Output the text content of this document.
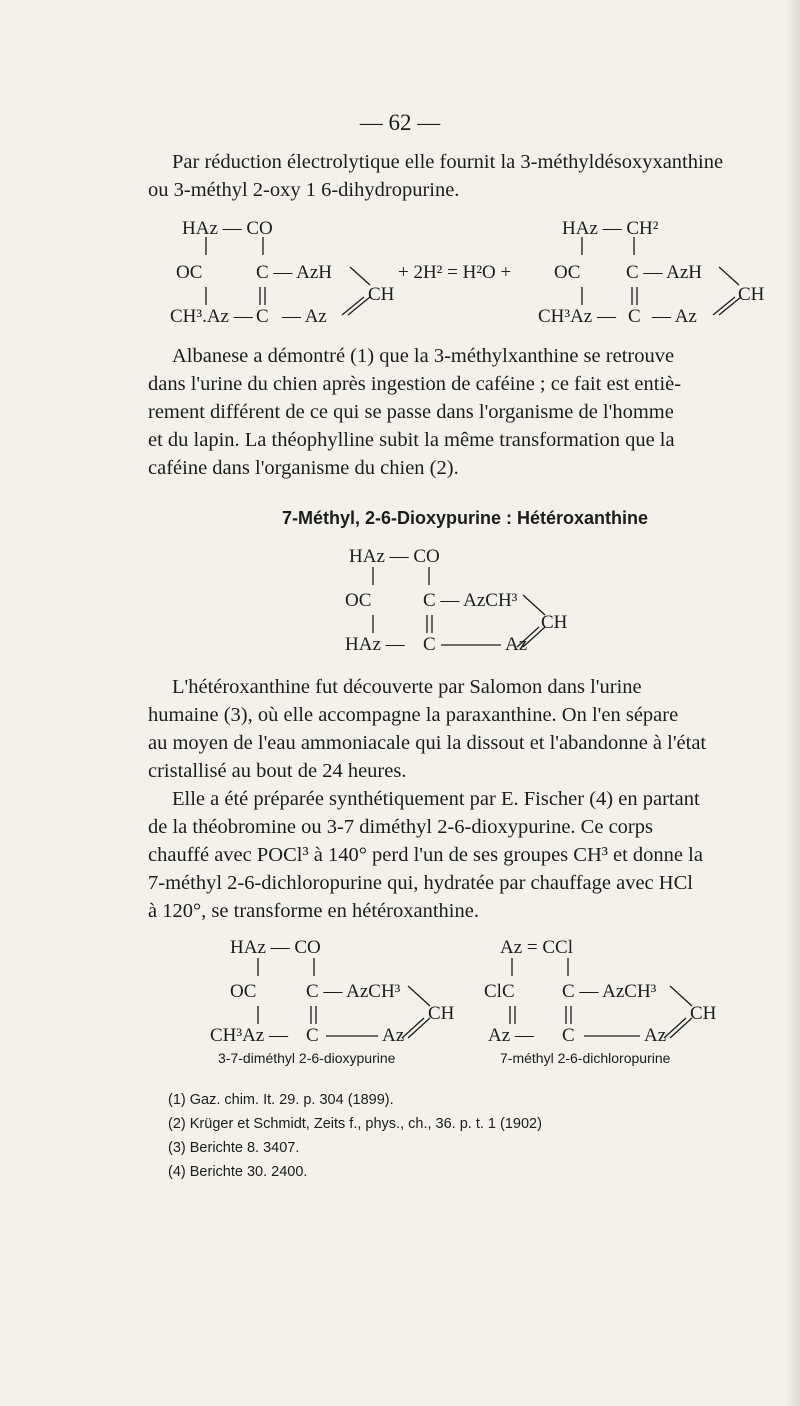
— 62 —

Par réduction électrolytique elle fournit la 3-méthyldésoxyxanthine
ou 3-méthyl 2-oxy 1 6-dihydropurine.

HAz — CO
OC	C — AzH
CH
CH³.Az — C — Az
+ 2H² = H²O +
HAz — CH²
OC C — AzH
CH
CH³Az — C — Az

Albanese a démontré (1) que la 3-méthylxanthine se retrouve
dans l'urine du chien après ingestion de caféine ; ce fait est entiè-
rement différent de ce qui se passe dans l'organisme de l'homme
et du lapin. La théophylline subit la même transformation que la
caféine dans l'organisme du chien (2).

7-Méthyl, 2-6-Dioxypurine : Hétéroxanthine
HAz — CO
OC	C — AzCH³
CH
HAz — C	Az

L'hétéroxanthine fut découverte par Salomon dans l'urine
humaine (3), où elle accompagne la paraxanthine. On l'en sépare
au moyen de l'eau ammoniacale qui la dissout et l'abandonne à l'état
cristallisé au bout de 24 heures.

Elle a été préparée synthétiquement par E. Fischer (4) en partant
de la théobromine ou 3-7 diméthyl 2-6-dioxypurine. Ce corps
chauffé avec POCl³ à 140° perd l'un de ses groupes CH³ et donne la
7-méthyl 2-6-dichloropurine qui, hydratée par chauffage avec HCl
à 120°, se transforme en hétéroxanthine.

HAz — CO
OC	C — AzCH³
CH
CH³Az — C	Az
3-7-diméthyl 2-6-dioxypurine
Az = CCl
ClC C — AzCH³
CH
Az — C	Az
7-méthyl 2-6-dichloropurine
(1) Gaz. chim. It. 29. p. 304 (1899).
(2) Krüger et Schmidt, Zeits f., phys., ch., 36. p. t. 1 (1902)
(3) Berichte 8. 3407.
(4) Berichte 30. 2400.
